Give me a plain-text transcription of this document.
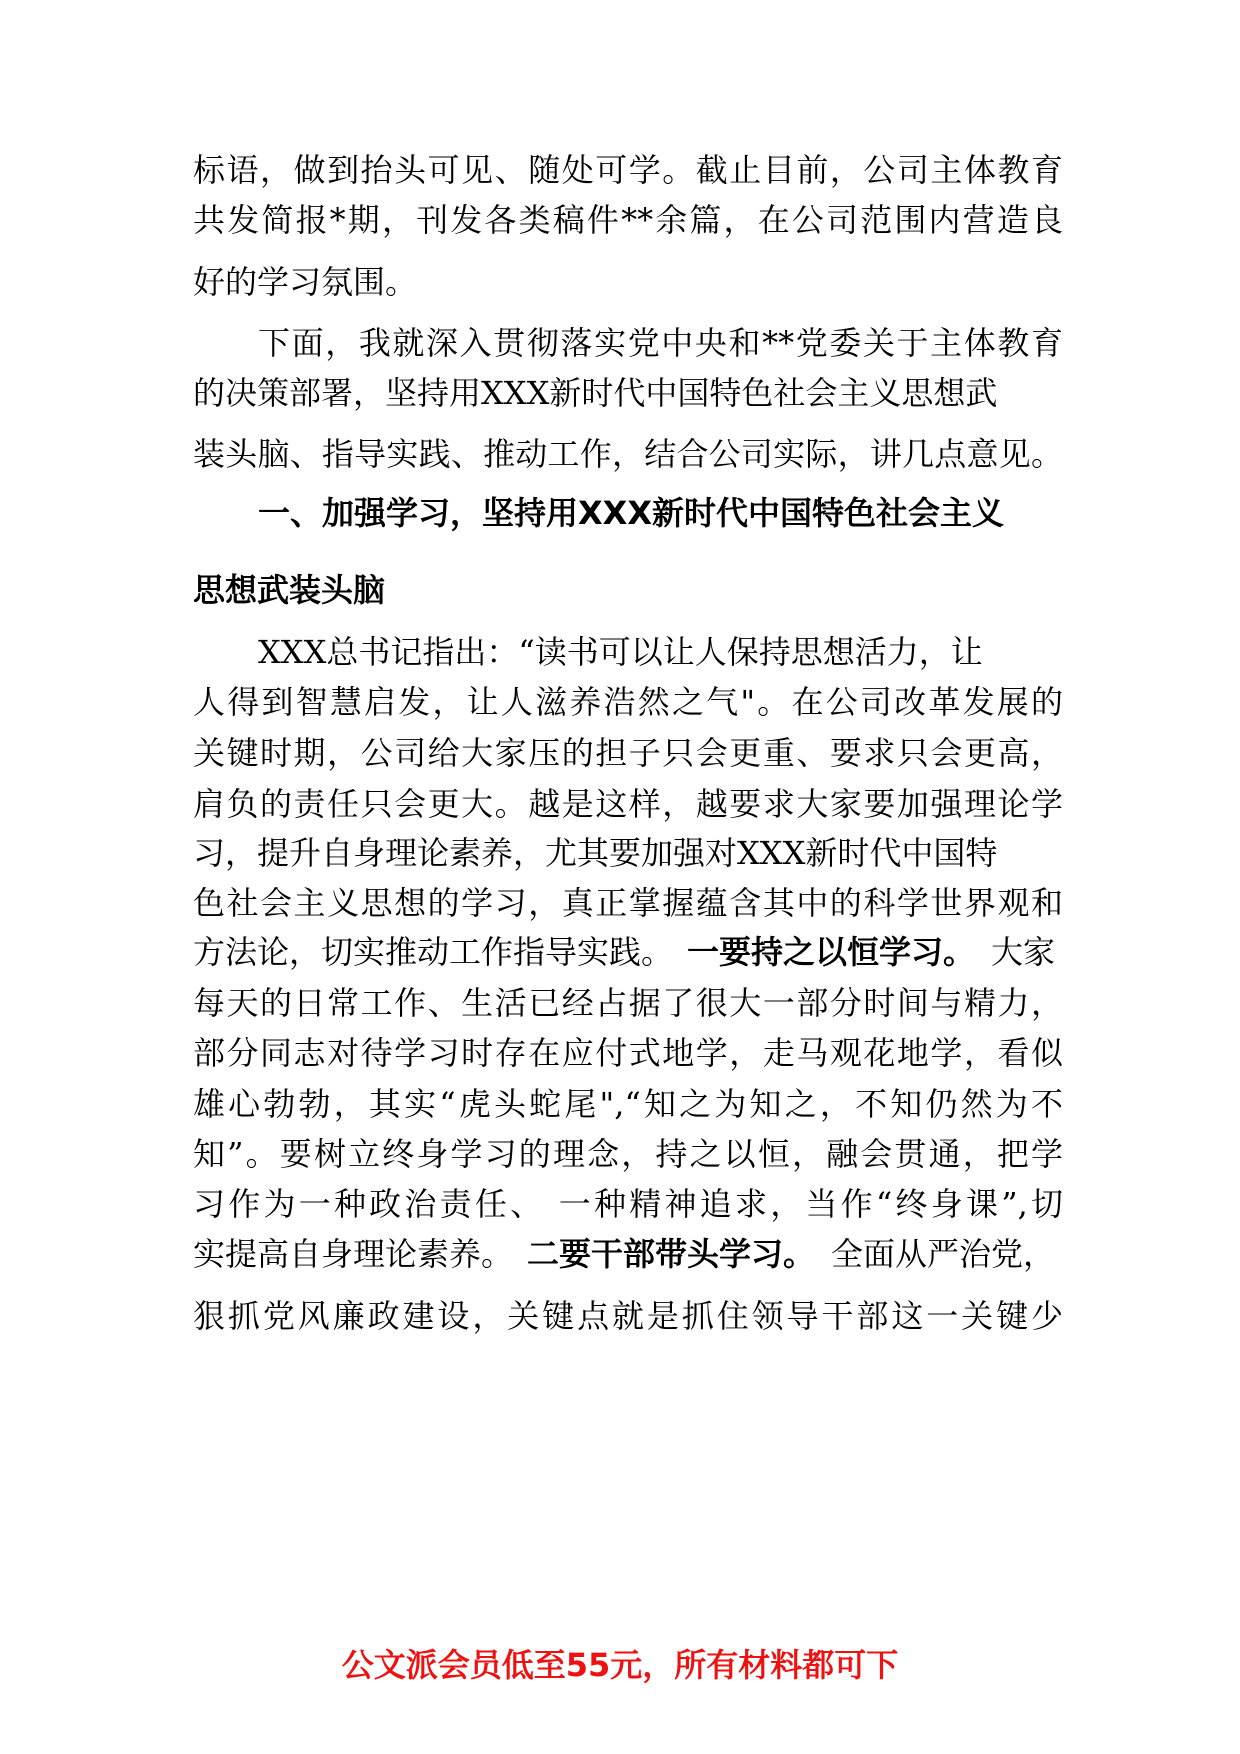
标语，做到抬头可见、随处可学。截止目前，公司主体教育
共发简报*期，刊发各类稿件**余篇，在公司范围内营造良
好的学习氛围。
下面，我就深入贯彻落实党中央和**党委关于主体教育
的决策部署，坚持用XXX新时代中国特色社会主义思想武
装头脑、指导实践、推动工作，结合公司实际，讲几点意见。
一、加强学习，坚持用XXX新时代中国特色社会主义
思想武装头脑
XXX总书记指出：“读书可以让人保持思想活力，让
人得到智慧启发，让人滋养浩然之气"。在公司改革发展的
关键时期，公司给大家压的担子只会更重、要求只会更高，
肩负的责任只会更大。越是这样，越要求大家要加强理论学
习，提升自身理论素养，尤其要加强对XXX新时代中国特
色社会主义思想的学习，真正掌握蕴含其中的科学世界观和
方法论，切实推动工作指导实践。 一要持之以恒学习。 大家
每天的日常工作、生活已经占据了很大一部分时间与精力，
部分同志对待学习时存在应付式地学，走马观花地学，看似
雄心勃勃，其实“虎头蛇尾",“知之为知之，不知仍然为不
知”。要树立终身学习的理念，持之以恒，融会贯通，把学
习作为一种政治责任、 一种精神追求，当作“终身课”,切
实提高自身理论素养。 二要干部带头学习。 全面从严治党，
狠抓党风廉政建设，关键点就是抓住领导干部这一关键少
公文派会员低至55元，所有材料都可下
